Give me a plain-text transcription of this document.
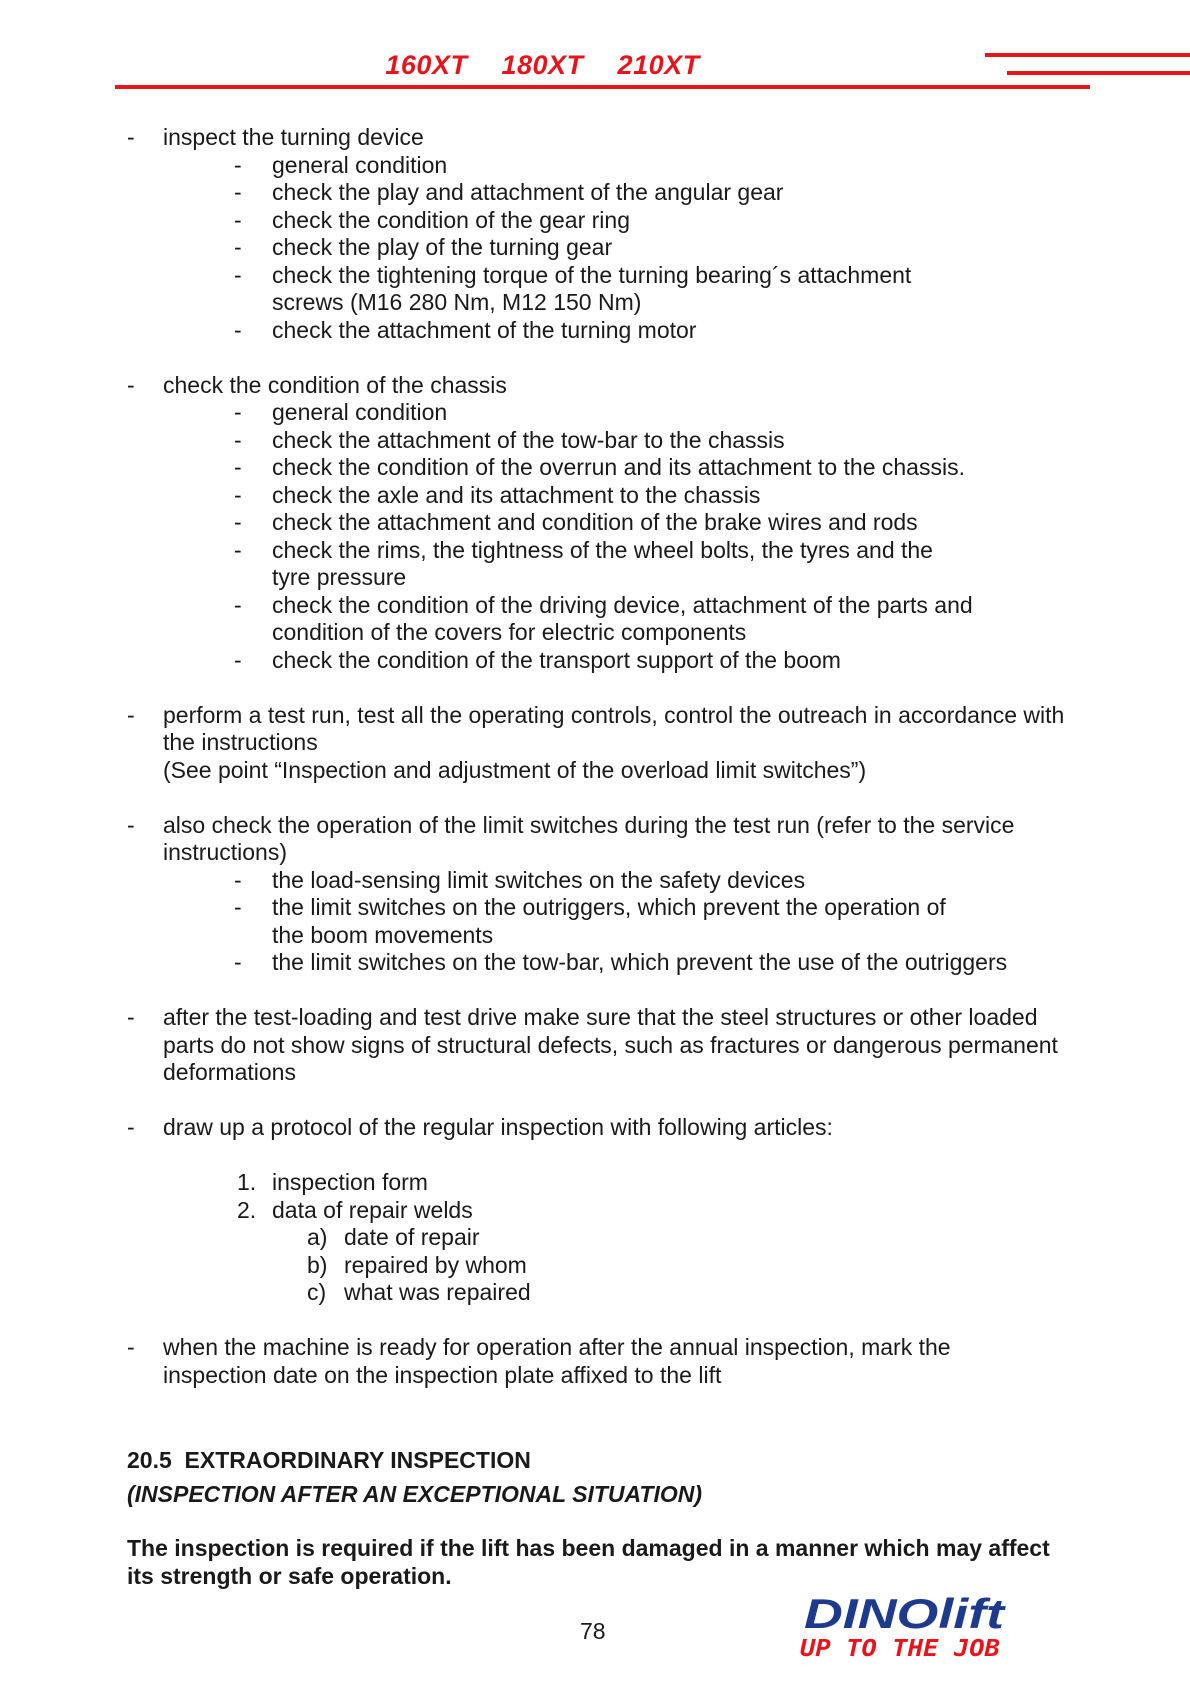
160XT 180XT 210XT
- inspect the turning device
- general condition
- check the play and attachment of the angular gear
- check the condition of the gear ring
- check the play of the turning gear
- check the tightening torque of the turning bearing´s attachment screws (M16 280 Nm, M12 150 Nm)
- check the attachment of the turning motor
- check the condition of the chassis
- general condition
- check the attachment of the tow-bar to the chassis
- check the condition of the overrun and its attachment to the chassis.
- check the axle and its attachment to the chassis
- check the attachment and condition of the brake wires and rods
- check the rims, the tightness of the wheel bolts, the tyres and the tyre pressure
- check the condition of the driving device, attachment of the parts and condition of the covers for electric components
- check the condition of the transport support of the boom
- perform a test run, test all the operating controls, control the outreach in accordance with the instructions
(See point “Inspection and adjustment of the overload limit switches”)
- also check the operation of the limit switches during the test run (refer to the service instructions)
- the load-sensing limit switches on the safety devices
- the limit switches on the outriggers, which prevent the operation of the boom movements
- the limit switches on the tow-bar, which prevent the use of the outriggers
- after the test-loading and test drive make sure that the steel structures or other loaded parts do not show signs of structural defects, such as fractures or dangerous permanent deformations
- draw up a protocol of the regular inspection with following articles:
1. inspection form
2. data of repair welds
a) date of repair
b) repaired by whom
c) what was repaired
- when the machine is ready for operation after the annual inspection, mark the inspection date on the inspection plate affixed to the lift
20.5  EXTRAORDINARY INSPECTION
(INSPECTION AFTER AN EXCEPTIONAL SITUATION)
The inspection is required if the lift has been damaged in a manner which may affect its strength or safe operation.
78	DINOlift
UP TO THE JOB
